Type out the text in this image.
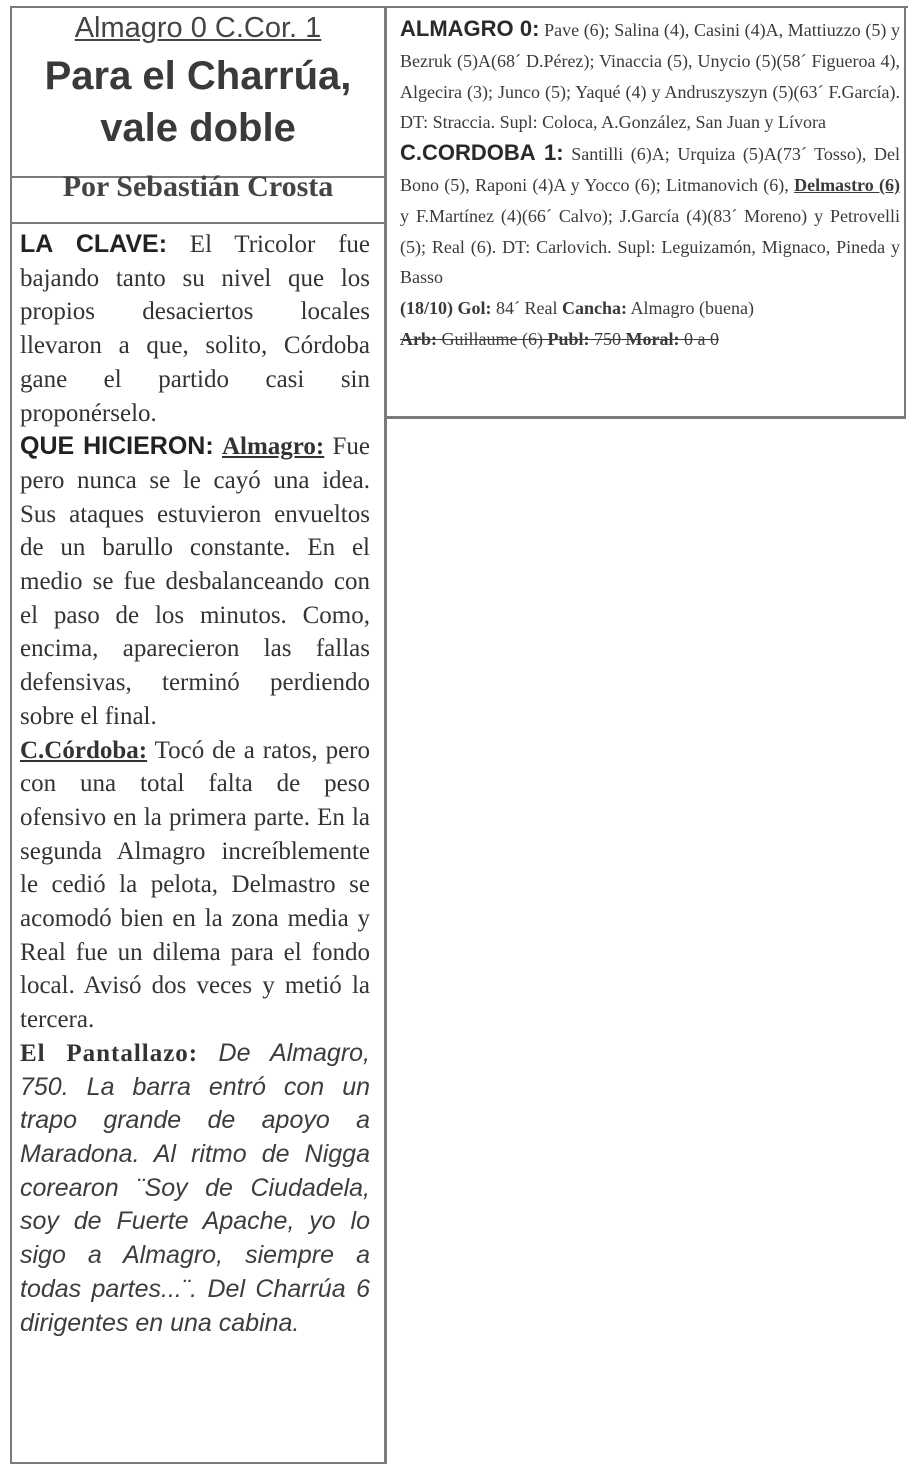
Almagro 0 C.Cor. 1
Para el Charrúa,
vale doble
Por Sebastián Crosta

LA CLAVE: El Tricolor fue bajando tanto su nivel que los propios desaciertos locales llevaron a que, solito, Córdoba gane el partido casi sin proponérselo.

QUE HICIERON: Almagro: Fue pero nunca se le cayó una idea. Sus ataques estuvieron envueltos de un barullo constante. En el medio se fue desbalanceando con el paso de los minutos. Como, encima, aparecieron las fallas defensivas, terminó perdiendo sobre el final.

C.Córdoba: Tocó de a ratos, pero con una total falta de peso ofensivo en la primera parte. En la segunda Almagro increíblemente le cedió la pelota, Delmastro se acomodó bien en la zona media y Real fue un dilema para el fondo local. Avisó dos veces y metió la tercera.

El Pantallazo: De Almagro, 750. La barra entró con un trapo grande de apoyo a Maradona. Al ritmo de Nigga corearon ¨Soy de Ciudadela, soy de Fuerte Apache, yo lo sigo a Almagro, siempre a todas partes...¨. Del Charrúa 6 dirigentes en una cabina.

ALMAGRO 0: Pave (6); Salina (4), Casini (4)A, Mattiuzzo (5) y Bezruk (5)A(68´ D.Pérez); Vinaccia (5), Unycio (5)(58´ Figueroa 4), Algecira (3); Junco (5); Yaqué (4) y Andruszyszyn (5)(63´ F.García). DT: Straccia. Supl: Coloca, A.González, San Juan y Lívora

C.CORDOBA 1: Santilli (6)A; Urquiza (5)A(73´ Tosso), Del Bono (5), Raponi (4)A y Yocco (6); Litmanovich (6), Delmastro (6) y F.Martínez (4)(66´ Calvo); J.García (4)(83´ Moreno) y Petrovelli (5); Real (6). DT: Carlovich. Supl: Leguizamón, Mignaco, Pineda y Basso

(18/10) Gol: 84´ Real Cancha: Almagro (buena)

Arb: Guillaume (6) Publ: 750 Moral: 0 a 0
